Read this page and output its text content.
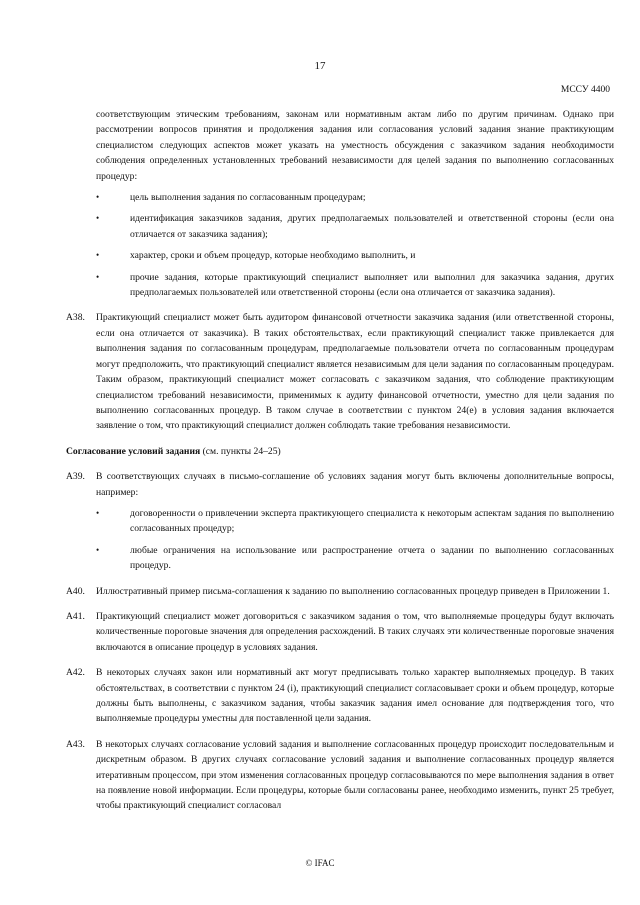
17
МССУ 4400

соответствующим этическим требованиям, законам или нормативным актам либо по другим причинам. Однако при рассмотрении вопросов принятия и продолжения задания или согласования условий задания знание практикующим специалистом следующих аспектов может указать на уместность обсуждения с заказчиком задания необходимости соблюдения определенных установленных требований независимости для целей задания по выполнению согласованных процедур:

•	цель выполнения задания по согласованным процедурам;
•	идентификация заказчиков задания, других предполагаемых пользователей и ответственной стороны (если она отличается от заказчика задания);
•	характер, сроки и объем процедур, которые необходимо выполнить, и
•	прочие задания, которые практикующий специалист выполняет или выполнил для заказчика задания, других предполагаемых пользователей или ответственной стороны (если она отличается от заказчика задания).
A38.	Практикующий специалист может быть аудитором финансовой отчетности заказчика задания (или ответственной стороны, если она отличается от заказчика). В таких обстоятельствах, если практикующий специалист также привлекается для выполнения задания по согласованным процедурам, предполагаемые пользователи отчета по согласованным процедурам могут предположить, что практикующий специалист является независимым для цели задания по согласованным процедурам. Таким образом, практикующий специалист может согласовать с заказчиком задания, что соблюдение практикующим специалистом требований независимости, применимых к аудиту финансовой отчетности, уместно для цели задания по выполнению согласованных процедур. В таком случае в соответствии с пунктом 24(е) в условия задания включается заявление о том, что практикующий специалист должен соблюдать такие требования независимости.

Согласование условий задания (см. пункты 24–25)

A39.	В соответствующих случаях в письмо-соглашение об условиях задания могут быть включены дополнительные вопросы, например:
•	договоренности о привлечении эксперта практикующего специалиста к некоторым аспектам задания по выполнению согласованных процедур;
•	любые ограничения на использование или распространение отчета о задании по выполнению согласованных процедур.
A40.	Иллюстративный пример письма-соглашения к заданию по выполнению согласованных процедур приведен в Приложении 1.
A41.	Практикующий специалист может договориться с заказчиком задания о том, что выполняемые процедуры будут включать количественные пороговые значения для определения расхождений. В таких случаях эти количественные пороговые значения включаются в описание процедур в условиях задания.
A42.	В некоторых случаях закон или нормативный акт могут предписывать только характер выполняемых процедур. В таких обстоятельствах, в соответствии с пунктом 24 (i), практикующий специалист согласовывает сроки и объем процедур, которые должны быть выполнены, с заказчиком задания, чтобы заказчик задания имел основание для подтверждения того, что выполняемые процедуры уместны для поставленной цели задания.
A43.	В некоторых случаях согласование условий задания и выполнение согласованных процедур происходит последовательным и дискретным образом. В других случаях согласование условий задания и выполнение согласованных процедур является итеративным процессом, при этом изменения согласованных процедур согласовываются по мере выполнения задания в ответ на появление новой информации. Если процедуры, которые были согласованы ранее, необходимо изменить, пункт 25 требует, чтобы практикующий специалист согласовал
© IFAC
